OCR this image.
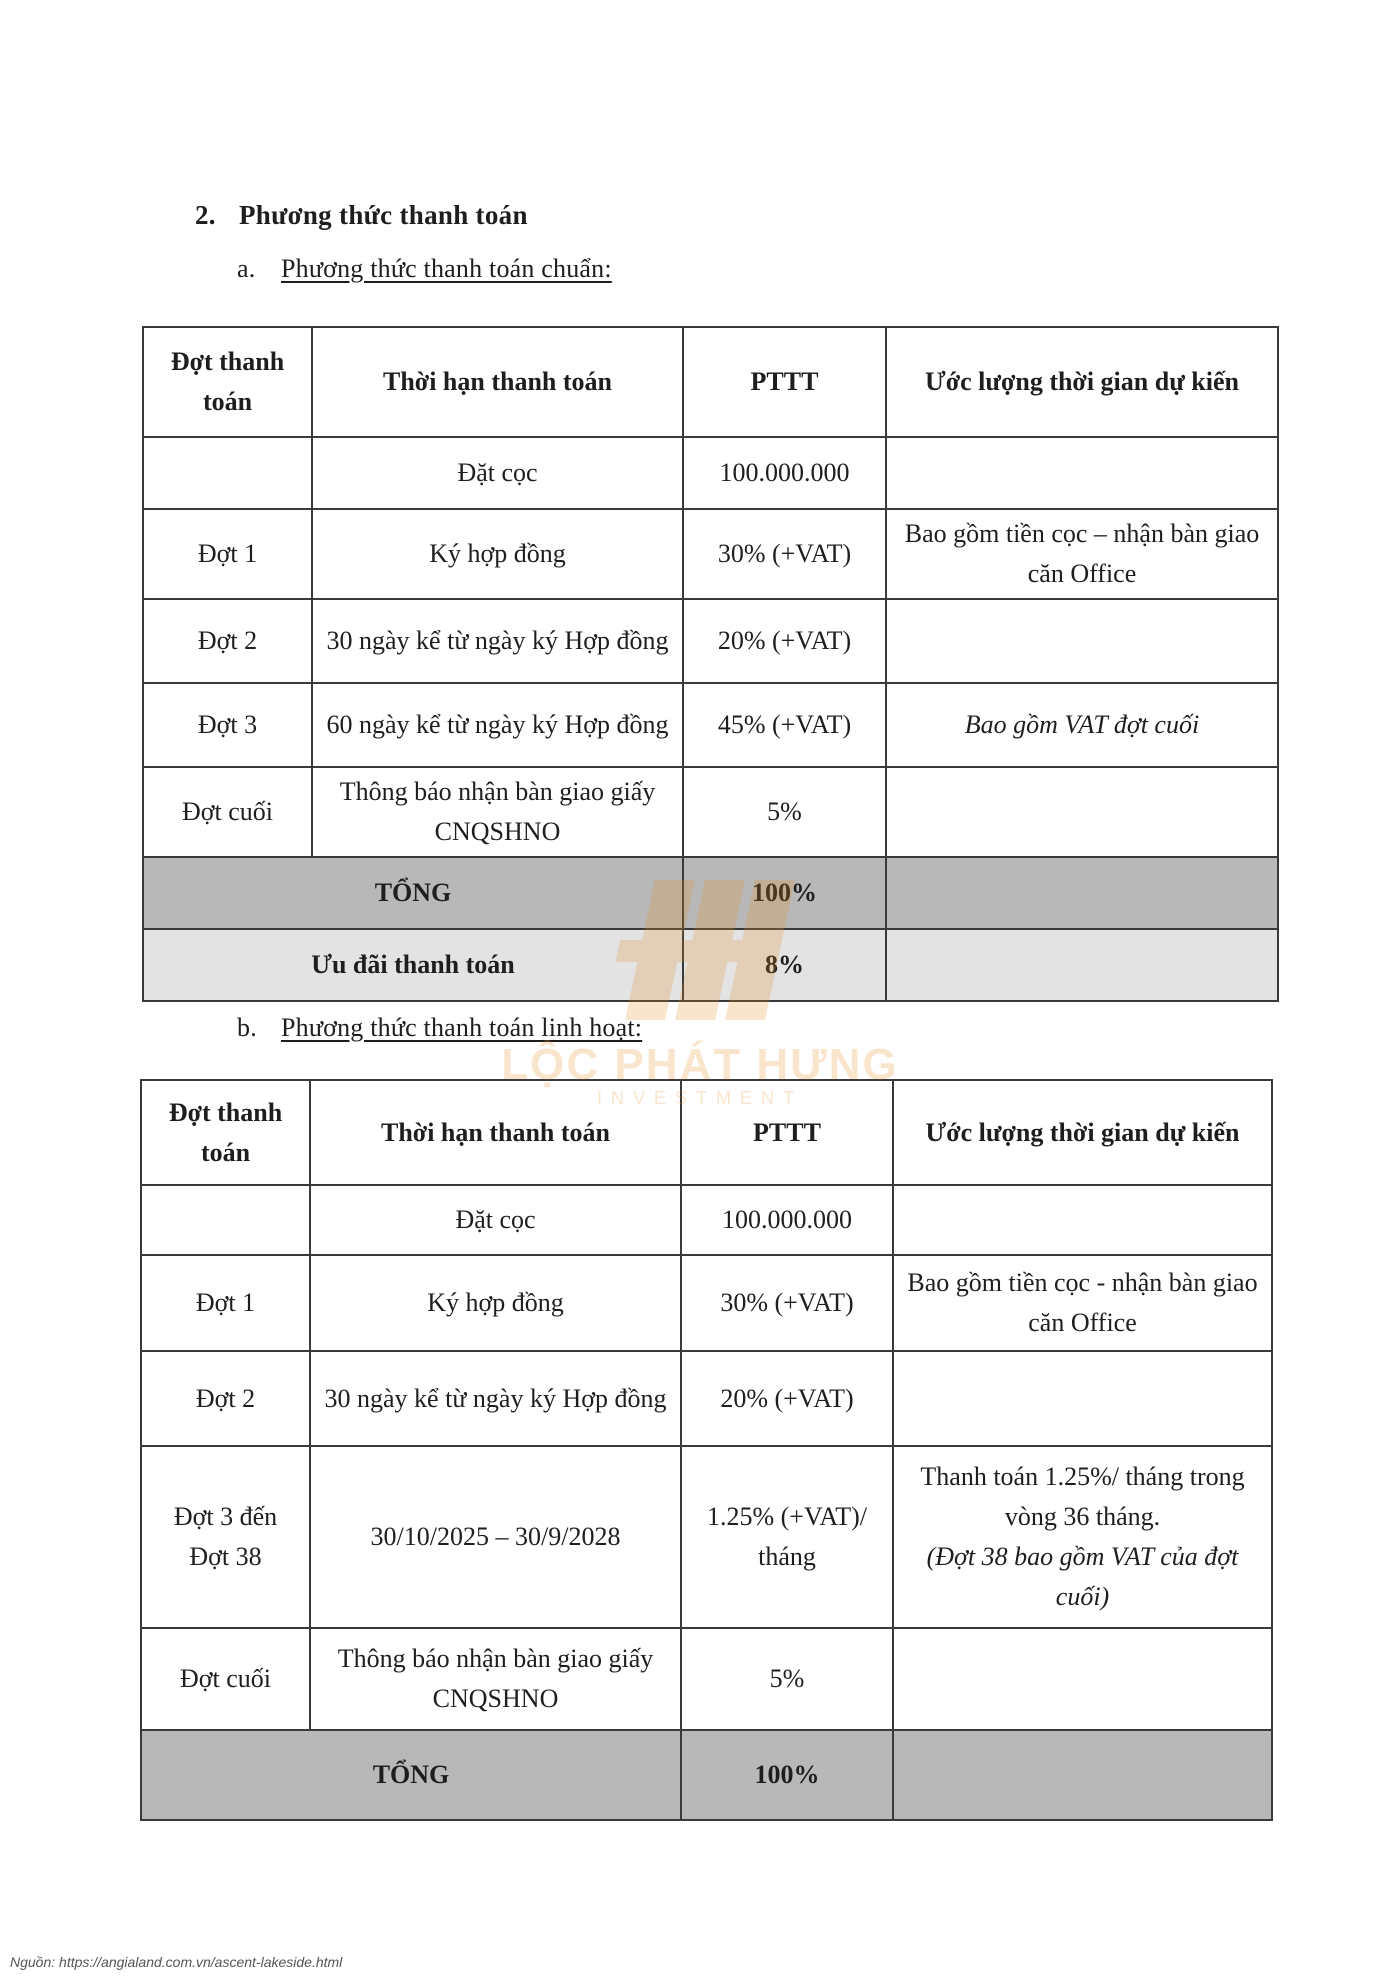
2. Phương thức thanh toán
a. Phương thức thanh toán chuẩn:
Đợt thanh toán	Thời hạn thanh toán	PTTT	Ước lượng thời gian dự kiến
	Đặt cọc	100.000.000	
Đợt 1	Ký hợp đồng	30% (+VAT)	Bao gồm tiền cọc – nhận bàn giao căn Office
Đợt 2	30 ngày kể từ ngày ký Hợp đồng	20% (+VAT)	
Đợt 3	60 ngày kể từ ngày ký Hợp đồng	45% (+VAT)	Bao gồm VAT đợt cuối
Đợt cuối	Thông báo nhận bàn giao giấy CNQSHNO	5%	
TỔNG		100%	
Ưu đãi thanh toán		8%	
b. Phương thức thanh toán linh hoạt:
Đợt thanh toán	Thời hạn thanh toán	PTTT	Ước lượng thời gian dự kiến
	Đặt cọc	100.000.000	
Đợt 1	Ký hợp đồng	30% (+VAT)	Bao gồm tiền cọc - nhận bàn giao căn Office
Đợt 2	30 ngày kể từ ngày ký Hợp đồng	20% (+VAT)	
Đợt 3 đến Đợt 38	30/10/2025 – 30/9/2028	1.25% (+VAT)/ tháng	Thanh toán 1.25%/ tháng trong vòng 36 tháng.
(Đợt 38 bao gồm VAT của đợt cuối)

Đợt cuối	Thông báo nhận bàn giao giấy CNQSHNO	5%	
TỔNG		100%	
LỘC PHÁT HƯNG
INVESTMENT
Nguồn: https://angialand.com.vn/ascent-lakeside.html
